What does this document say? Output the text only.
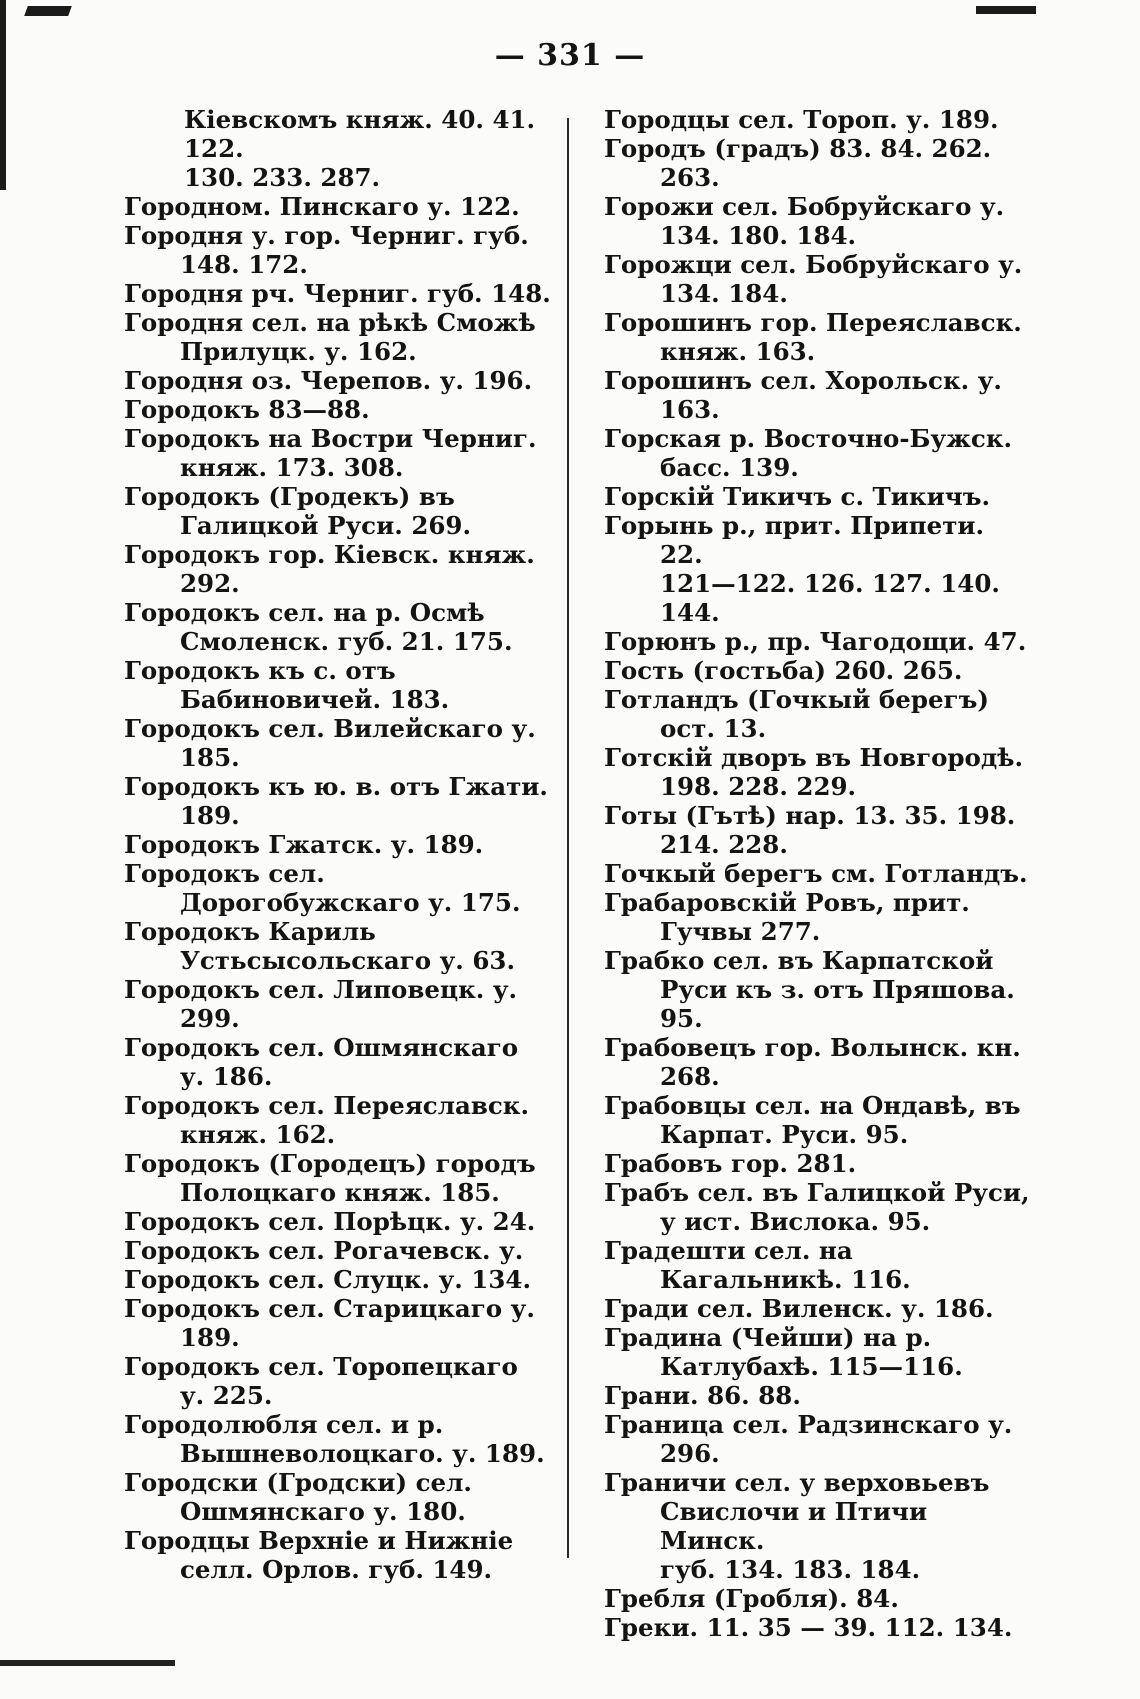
— 331 —
Кіевскомъ княж. 40. 41. 122.
130. 233. 287.
Городном. Пинскаго у. 122.
Городня у. гор. Черниг. губ.
148. 172.
Городня рч. Черниг. губ. 148.
Городня сел. на рѣкѣ Сможѣ
Прилуцк. у. 162.
Городня оз. Черепов. у. 196.
Городокъ 83—88.
Городокъ на Востри Черниг.
княж. 173. 308.
Городокъ (Гродекъ) въ Галицкой Руси. 269.
Городокъ гор. Кіевск. княж.
292.
Городокъ сел. на р. Осмѣ
Смоленск. губ. 21. 175.
Городокъ къ с. отъ Бабиновичей. 183.
Городокъ сел. Вилейскаго у.
185.
Городокъ къ ю. в. отъ Гжати. 189.
Городокъ Гжатск. у. 189.
Городокъ сел. Дорогобужскаго у. 175.
Городокъ Кариль Устьсысольскаго у. 63.
Городокъ сел. Липовецк. у.
299.
Городокъ сел. Ошмянскаго
у. 186.
Городокъ сел. Переяславск.
княж. 162.
Городокъ (Городецъ) городъ
Полоцкаго княж. 185.
Городокъ сел. Порѣцк. у. 24.
Городокъ сел. Рогачевск. у.
Городокъ сел. Слуцк. у. 134.
Городокъ сел. Старицкаго у.
189.
Городокъ сел. Торопецкаго
у. 225.
Городолюбля сел. и р.
Вышневолоцкаго. у. 189.
Городски (Гродски) сел. Ошмянскаго у. 180.
Городцы Верхніе и Нижніе
селл. Орлов. губ. 149.
Городцы сел. Тороп. у. 189.
Городъ (градъ) 83. 84. 262.
263.
Горожи сел. Бобруйскаго у.
134. 180. 184.
Горожци сел. Бобруйскаго у.
134. 184.
Горошинъ гор. Переяславск.
княж. 163.
Горошинъ сел. Хорольск. у.
163.
Горская р. Восточно-Бужск.
басс. 139.
Горскій Тикичъ с. Тикичъ.
Горынь р., прит. Припети. 22.
121—122. 126. 127. 140. 144.
Горюнъ р., пр. Чагодощи. 47.
Гость (гостьба) 260. 265.
Готландъ (Гочкый берегъ)
ост. 13.
Готскій дворъ въ Новгородѣ. 198. 228. 229.
Готы (Гътѣ) нар. 13. 35. 198.
214. 228.
Гочкый берегъ см. Готландъ.
Грабаровскій Ровъ, прит.
Гучвы 277.
Грабко сел. въ Карпатской
Руси къ з. отъ Пряшова. 95.
Грабовецъ гор. Волынск. кн.
268.
Грабовцы сел. на Ондавѣ, въ
Карпат. Руси. 95.
Грабовъ гор. 281.
Грабъ сел. въ Галицкой Руси,
у ист. Вислока. 95.
Градешти сел. на Кагальникѣ. 116.
Гради сел. Виленск. у. 186.
Градина (Чейши) на р. Катлубахѣ. 115—116.
Грани. 86. 88.
Граница сел. Радзинскаго у.
296.
Граничи сел. у верховьевъ
Свислочи и Птичи Минск.
губ. 134. 183. 184.
Гребля (Гробля). 84.
Греки. 11. 35 — 39. 112. 134.
